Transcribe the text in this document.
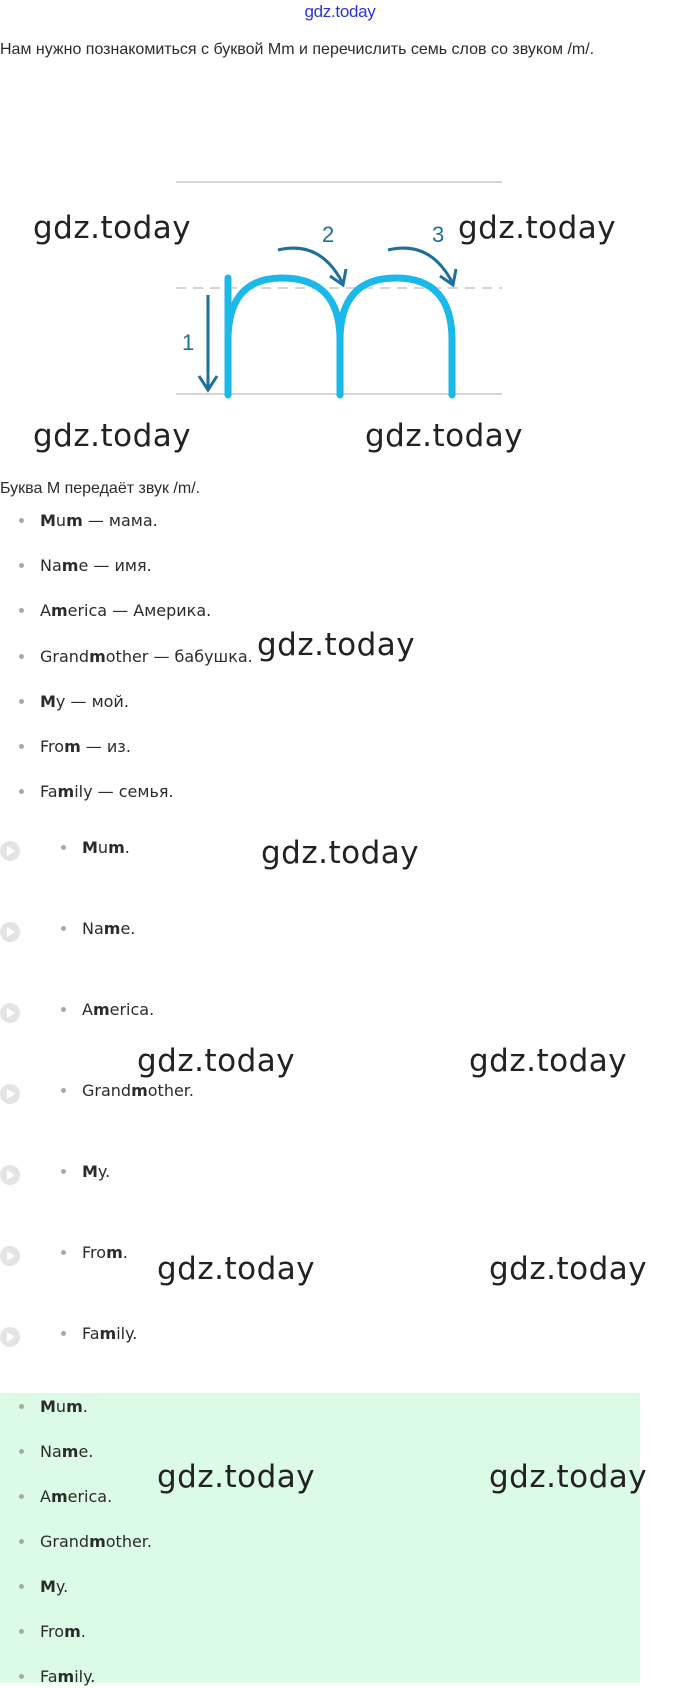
gdz.today
Нам нужно познакомиться с буквой Mm и перечислить семь слов со звуком /m/.
1
2	3
Буква M передаёт звук /m/.
Mum — мама.
Name — имя.
America — Америка.
Grandmother — бабушка.
My — мой.
From — из.
Family — семья.
Mum.
Name.
America.
Grandmother.
My.
From.
Family.
Mum.
Name.
America.
Grandmother.
My.
From.
Family.
gdz.today	gdz.today
gdz.today	gdz.today
gdz.today
gdz.today
gdz.today	gdz.today
gdz.today	gdz.today
gdz.today	gdz.today
